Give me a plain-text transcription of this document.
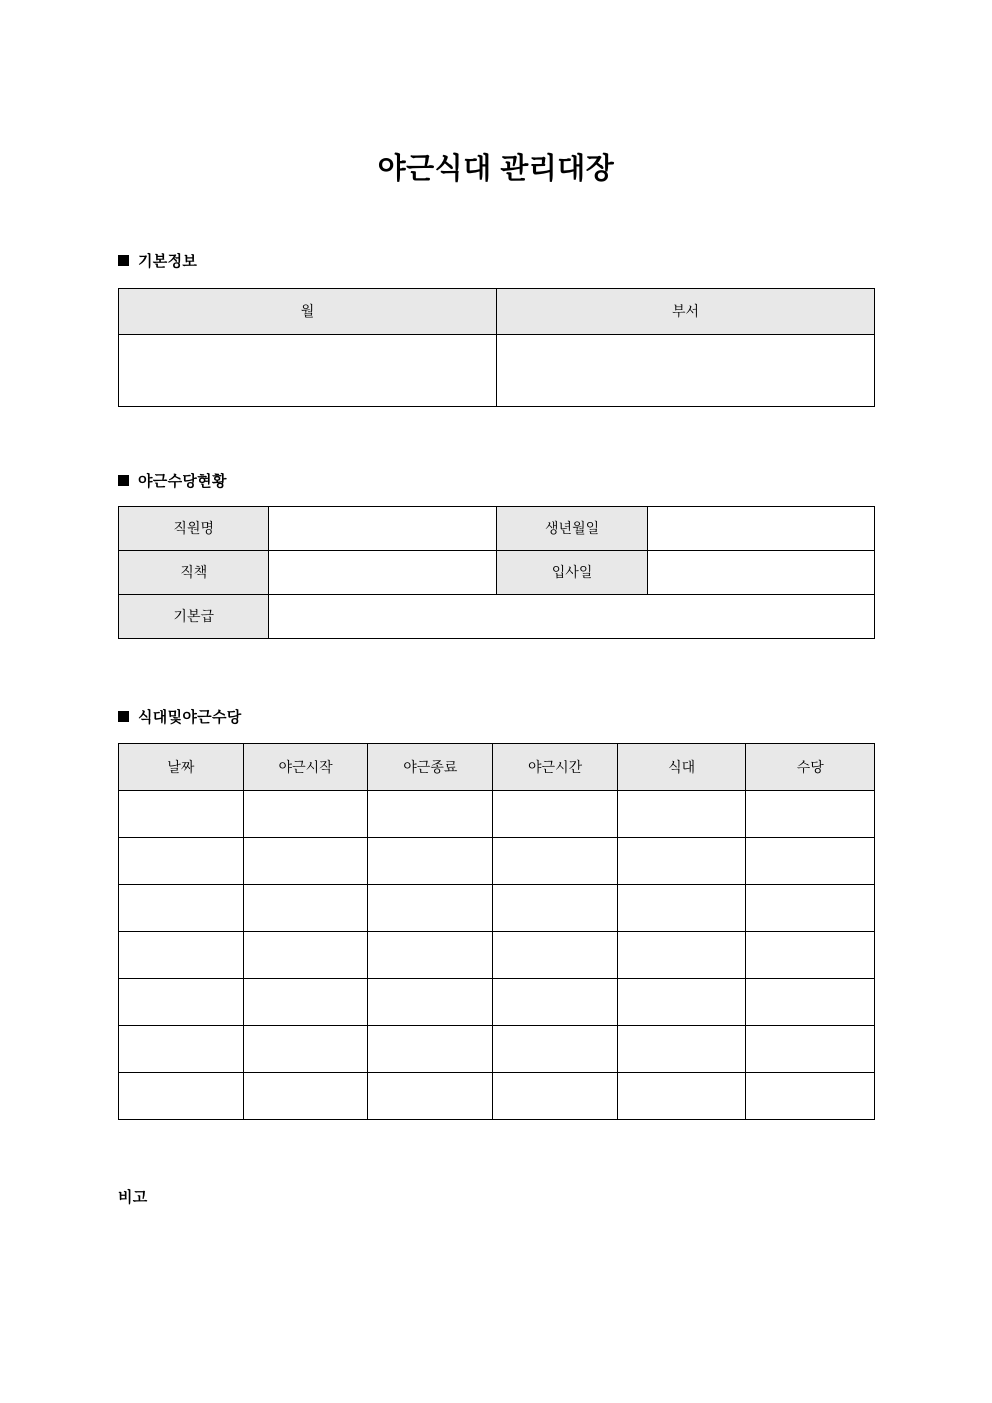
야근식대 관리대장
기본정보
월	부서

야근수당현황
직원명		생년월일	
직책		입사일	
기본급			
식대및야근수당
날짜	야근시작	야근종료	야근시간	식대	수당

비고
